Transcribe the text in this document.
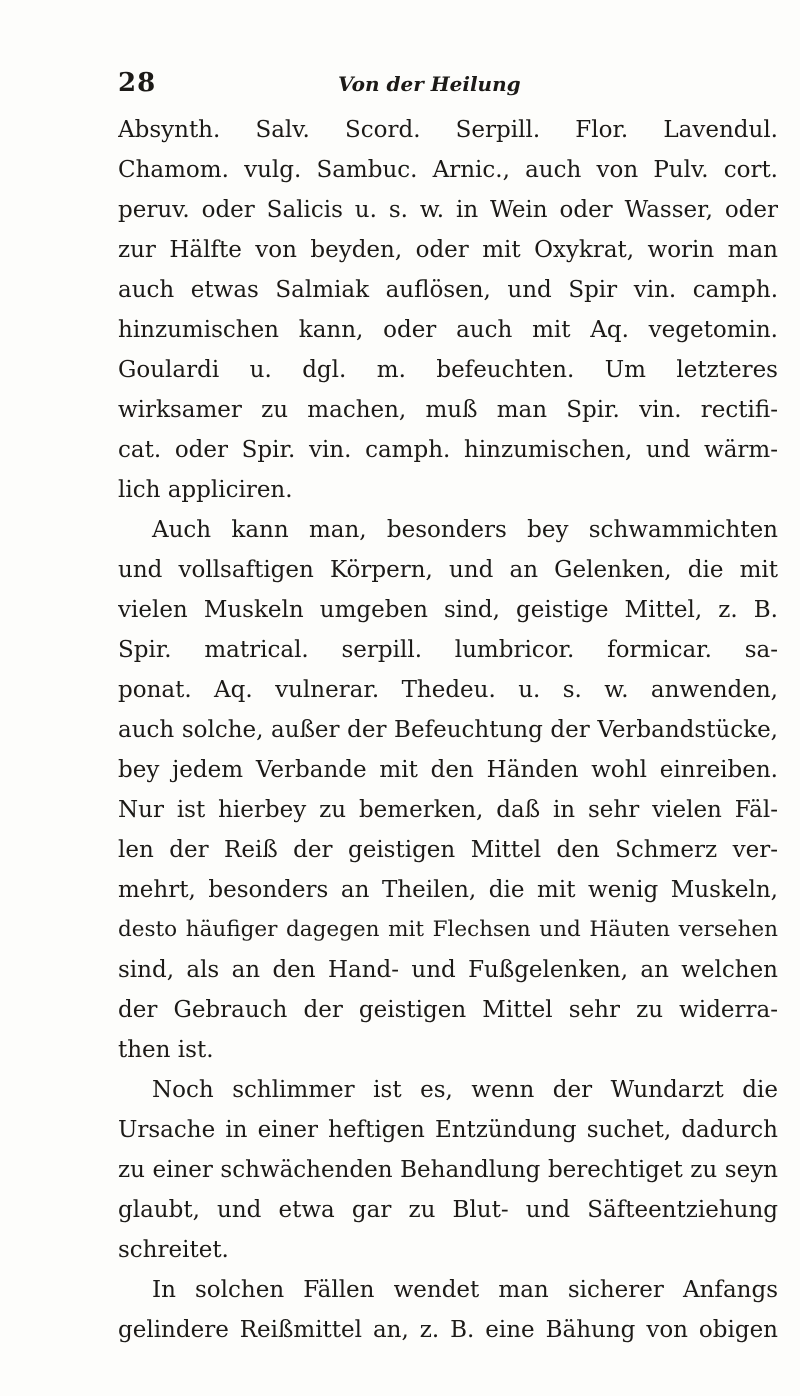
28	Von der Heilung
Absynth. Salv. Scord. Serpill. Flor. Lavendul.
Chamom. vulg. Sambuc. Arnic., auch von Pulv. cort.
peruv. oder Salicis u. s. w. in Wein oder Wasser, oder
zur Hälfte von beyden, oder mit Oxykrat, worin man
auch etwas Salmiak auflösen, und Spir vin. camph.
hinzumischen kann, oder auch mit Aq. vegetomin.
Goulardi u. dgl. m. befeuchten. Um letzteres
wirksamer zu machen, muß man Spir. vin. rectifi-
cat. oder Spir. vin. camph. hinzumischen, und wärm-
lich appliciren.
Auch kann man, besonders bey schwammichten
und vollsaftigen Körpern, und an Gelenken, die mit
vielen Muskeln umgeben sind, geistige Mittel, z. B.
Spir. matrical. serpill. lumbricor. formicar. sa-
ponat. Aq. vulnerar. Thedeu. u. s. w. anwenden,
auch solche, außer der Befeuchtung der Verbandstücke,
bey jedem Verbande mit den Händen wohl einreiben.
Nur ist hierbey zu bemerken, daß in sehr vielen Fäl-
len der Reiß der geistigen Mittel den Schmerz ver-
mehrt, besonders an Theilen, die mit wenig Muskeln,
desto häufiger dagegen mit Flechsen und Häuten versehen
sind, als an den Hand- und Fußgelenken, an welchen
der Gebrauch der geistigen Mittel sehr zu widerra-
then ist.
Noch schlimmer ist es, wenn der Wundarzt die
Ursache in einer heftigen Entzündung suchet, dadurch
zu einer schwächenden Behandlung berechtiget zu seyn
glaubt, und etwa gar zu Blut- und Säfteentziehung
schreitet.
In solchen Fällen wendet man sicherer Anfangs
gelindere Reißmittel an, z. B. eine Bähung von obigen
